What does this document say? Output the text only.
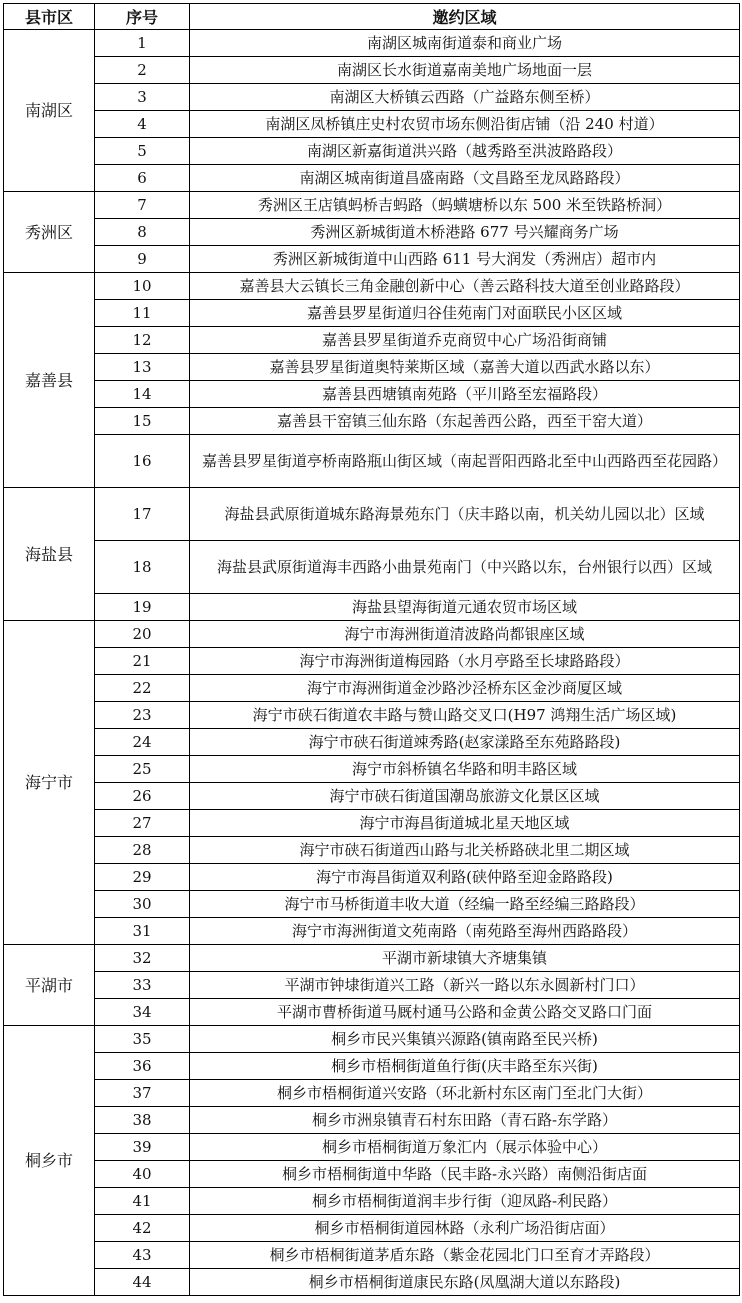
县市区	序号	邀约区域
南湖区	1	南湖区城南街道泰和商业广场
	2	南湖区长水街道嘉南美地广场地面一层
	3	南湖区大桥镇云西路（广益路东侧至桥）
	4	南湖区凤桥镇庄史村农贸市场东侧沿街店铺（沿 240 村道）
	5	南湖区新嘉街道洪兴路（越秀路至洪波路路段）
	6	南湖区城南街道昌盛南路（文昌路至龙凤路路段）
秀洲区	7	秀洲区王店镇蚂桥吉蚂路（蚂蟥塘桥以东 500 米至铁路桥洞）
	8	秀洲区新城街道木桥港路 677 号兴耀商务广场
	9	秀洲区新城街道中山西路 611 号大润发（秀洲店）超市内
嘉善县	10	嘉善县大云镇长三角金融创新中心（善云路科技大道至创业路路段）
	11	嘉善县罗星街道归谷佳苑南门对面联民小区区域
	12	嘉善县罗星街道乔克商贸中心广场沿街商铺
	13	嘉善县罗星街道奥特莱斯区域（嘉善大道以西武水路以东）
	14	嘉善县西塘镇南苑路（平川路至宏福路段）
	15	嘉善县干窑镇三仙东路（东起善西公路，西至干窑大道）
	16	嘉善县罗星街道亭桥南路瓶山街区域（南起晋阳西路北至中山西路西至花园路）
海盐县	17	海盐县武原街道城东路海景苑东门（庆丰路以南，机关幼儿园以北）区域
	18	海盐县武原街道海丰西路小曲景苑南门（中兴路以东，台州银行以西）区域
	19	海盐县望海街道元通农贸市场区域
海宁市	20	海宁市海洲街道清波路尚都银座区域
	21	海宁市海洲街道梅园路（水月亭路至长埭路路段）
	22	海宁市海洲街道金沙路沙泾桥东区金沙商厦区域
	23	海宁市硖石街道农丰路与赞山路交叉口(H97 鸿翔生活广场区域)
	24	海宁市硖石街道竦秀路(赵家漾路至东苑路路段)
	25	海宁市斜桥镇名华路和明丰路区域
	26	海宁市硖石街道国潮岛旅游文化景区区域
	27	海宁市海昌街道城北星天地区域
	28	海宁市硖石街道西山路与北关桥路硖北里二期区域
	29	海宁市海昌街道双利路(硖仲路至迎金路路段)
	30	海宁市马桥街道丰收大道（经编一路至经编三路路段）
	31	海宁市海洲街道文苑南路（南苑路至海州西路路段）
平湖市	32	平湖市新埭镇大齐塘集镇
	33	平湖市钟埭街道兴工路（新兴一路以东永圆新村门口）
	34	平湖市曹桥街道马厩村通马公路和金黄公路交叉路口门面
桐乡市	35	桐乡市民兴集镇兴源路(镇南路至民兴桥)
	36	桐乡市梧桐街道鱼行街(庆丰路至东兴街)
	37	桐乡市梧桐街道兴安路（环北新村东区南门至北门大街）
	38	桐乡市洲泉镇青石村东田路（青石路-东学路）
	39	桐乡市梧桐街道万象汇内（展示体验中心）
	40	桐乡市梧桐街道中华路（民丰路-永兴路）南侧沿街店面
	41	桐乡市梧桐街道润丰步行街（迎凤路-利民路）
	42	桐乡市梧桐街道园林路（永利广场沿街店面）
	43	桐乡市梧桐街道茅盾东路（紫金花园北门口至育才弄路段）
	44	桐乡市梧桐街道康民东路(凤凰湖大道以东路段)
